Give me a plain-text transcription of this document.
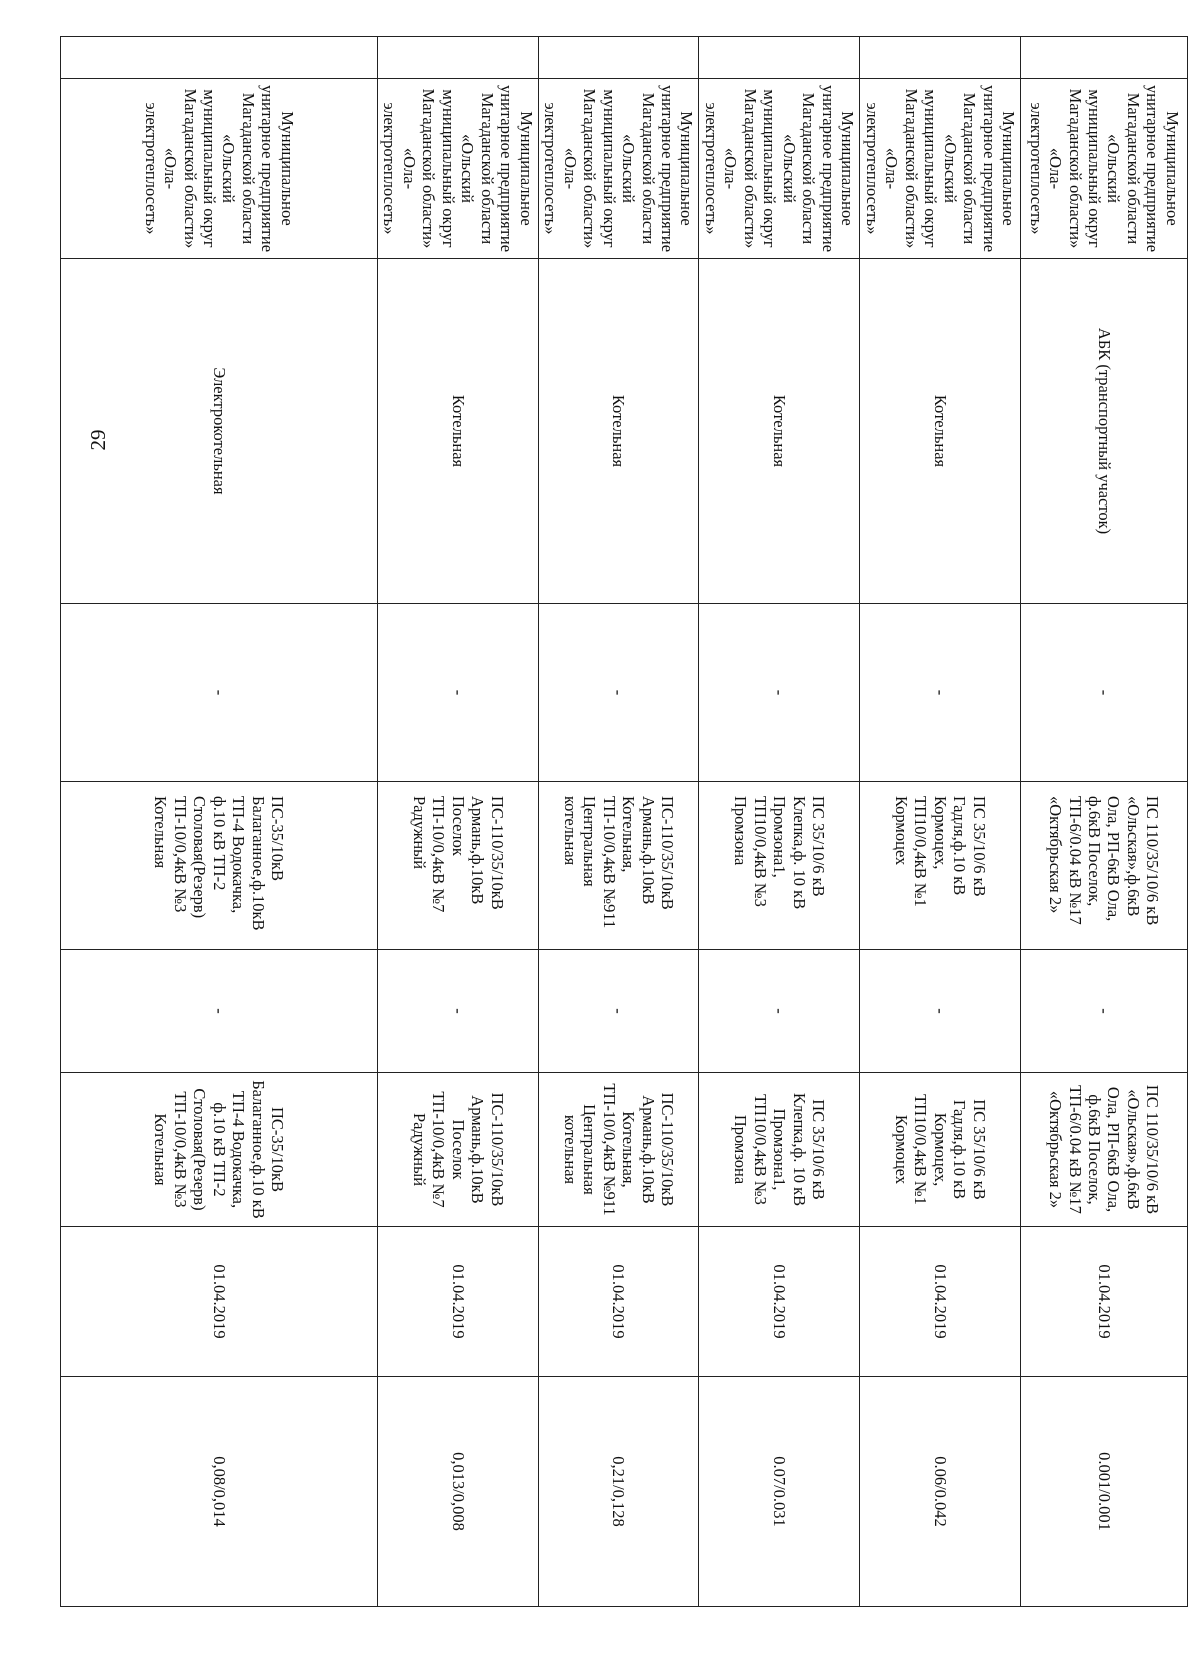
29
	Муниципальное унитарное предприятие Магаданской области «Ольский муниципальный округ Магаданской области» «Ола-электротеплосеть»	АБК (транспортный участок)	-	ПС 110/35/10/6 кВ «Ольская»,ф.6кВ Ола, РП-6кВ Ола, ф.6кВ Поселок, ТП-6/0.04 кВ №17 «Октябрьская 2»	-	ПС 110/35/10/6 кВ «Ольская»,ф.6кВ Ола, РП-6кВ Ола, ф.6кВ Поселок, ТП-6/0.04 кВ №17 «Октябрьская 2»	01.04.2019	0.001/0.001
	Муниципальное унитарное предприятие Магаданской области «Ольский муниципальный округ Магаданской области» «Ола-электротеплосеть»	Котельная	-	ПС 35/10/6 кВ Гадля,ф.10 кВ Кормоцех, ТП10/0,4кВ №1 Кормоцех	-	ПС 35/10/6 кВ Гадля,ф.10 кВ Кормоцех, ТП10/0,4кВ №1 Кормоцех	01.04.2019	0.06/0.042
	Муниципальное унитарное предприятие Магаданской области «Ольский муниципальный округ Магаданской области» «Ола-электротеплосеть»	Котельная	-	ПС 35/10/6 кВ Клепка,ф. 10 кВ Промзона1, ТП10/0,4кВ №3 Промзона	-	ПС 35/10/6 кВ Клепка,ф. 10 кВ Промзона1, ТП10/0,4кВ №3 Промзона	01.04.2019	0.07/0.031
	Муниципальное унитарное предприятие Магаданской области «Ольский муниципальный округ Магаданской области» «Ола-электротеплосеть»	Котельная	-	ПС-110/35/10кВ Армань,ф.10кВ Котельная, ТП-10/0,4кВ №911 Центральная котельная	-	ПС-110/35/10кВ Армань,ф.10кВ Котельная, ТП-10/0,4кВ №911 Центральная котельная	01.04.2019	0,21/0,128
	Муниципальное унитарное предприятие Магаданской области «Ольский муниципальный округ Магаданской области» «Ола-электротеплосеть»	Котельная	-	ПС-110/35/10кВ Армань,ф.10кВ Поселок ТП-10/0,4кВ №7 Радужный	-	ПС-110/35/10кВ Армань,ф.10кВ Поселок ТП-10/0,4кВ №7 Радужный	01.04.2019	0,013/0,008
	Муниципальное унитарное предприятие Магаданской области «Ольский муниципальный округ Магаданской области» «Ола-электротеплосеть»	Электрокотельная	-	ПС-35/10кВ Балаганное,ф.10кВ ТП-4 Водокачка, ф.10 кВ ТП-2 Столовая(Резерв) ТП-10/0,4кВ №3 Котельная	-	ПС-35/10кВ Балаганное,ф.10 кВ ТП-4 Водокачка, ф.10 кВ ТП-2 Столовая(Резерв) ТП-10/0,4кВ №3 Котельная	01.04.2019	0,08/0,014
